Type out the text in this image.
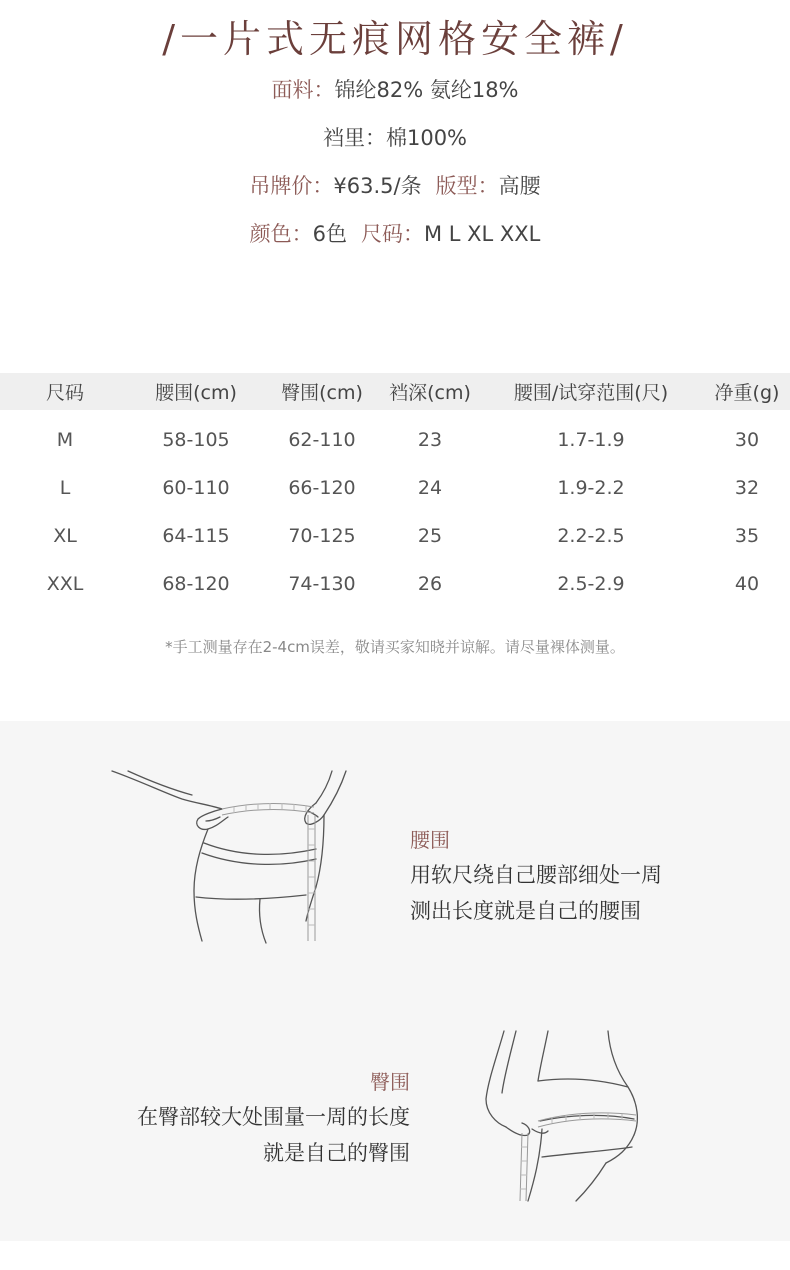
/一片式无痕网格安全裤/
面料：锦纶82% 氨纶18%
裆里：棉100%
吊牌价：¥63.5/条 版型：高腰
颜色：6色 尺码：M L XL XXL
尺码	腰围(cm)	臀围(cm)	裆深(cm)	腰围/试穿范围(尺)	净重(g)
M	58-105	62-110	23	1.7-1.9	30
L	60-110	66-120	24	1.9-2.2	32
XL	64-115	70-125	25	2.2-2.5	35
XXL	68-120	74-130	26	2.5-2.9	40
*手工测量存在2-4cm误差，敬请买家知晓并谅解。请尽量裸体测量。
腰围
用软尺绕自己腰部细处一周
测出长度就是自己的腰围
臀围
在臀部较大处围量一周的长度
就是自己的臀围
